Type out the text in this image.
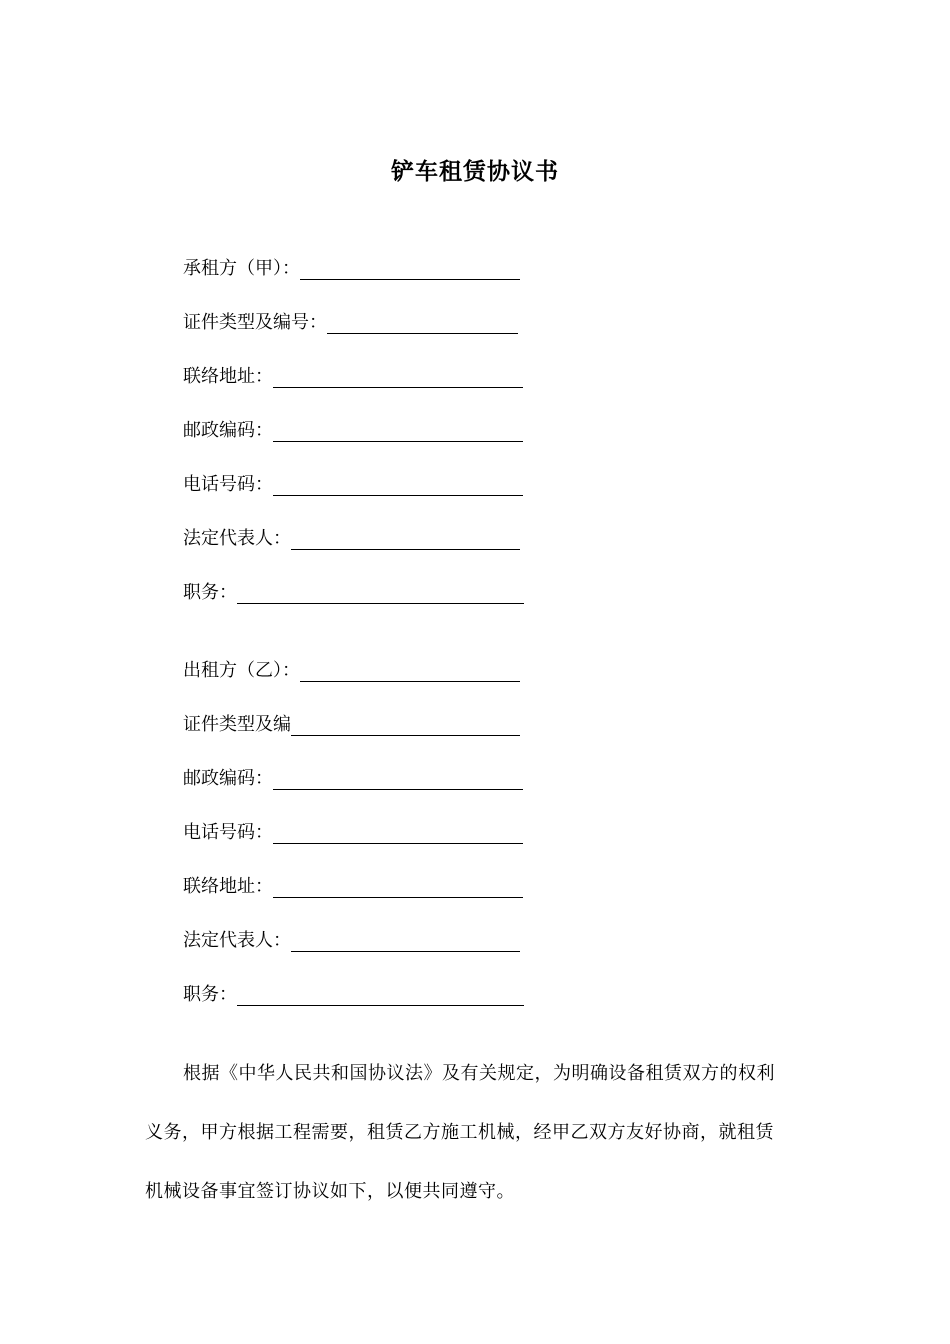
铲车租赁协议书
承租方（甲）：
证件类型及编号：
联络地址：
邮政编码：
电话号码：
法定代表人：
职务：
出租方（乙）：
证件类型及编
邮政编码：
电话号码：
联络地址：
法定代表人：
职务：
根据《中华人民共和国协议法》及有关规定，为明确设备租赁双方的权利
义务，甲方根据工程需要，租赁乙方施工机械，经甲乙双方友好协商，就租赁
机械设备事宜签订协议如下，以便共同遵守。
